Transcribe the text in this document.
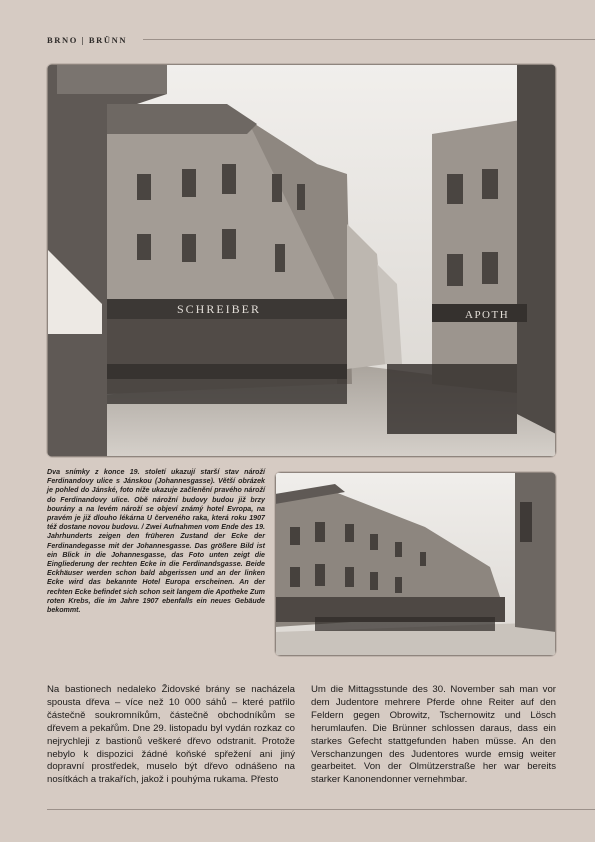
BRNO | BRÜNN
SCHREIBER	APOTH

Dva snímky z konce 19. století ukazují starší stav nároží Ferdinandovy ulice s Jánskou (Johannesgasse). Větší obrázek je pohled do Jánské, foto níže ukazuje začlenění pravého nároží do Ferdinandovy ulice. Obě nárožní budovy budou již brzy bourány a na levém nároží se objeví známý hotel Evropa, na pravém je již dlouho lékárna U červeného raka, která roku 1907 též dostane novou budovu. / Zwei Aufnahmen vom Ende des 19. Jahrhunderts zeigen den früheren Zustand der Ecke der Ferdinandegasse mit der Johannesgasse. Das größere Bild ist ein Blick in die Johannesgasse, das Foto unten zeigt die Eingliederung der rechten Ecke in die Ferdinandsgasse. Beide Eckhäuser werden schon bald abgerissen und an der linken Ecke wird das bekannte Hotel Europa erscheinen. An der rechten Ecke befindet sich schon seit langem die Apotheke Zum roten Krebs, die im Jahre 1907 ebenfalls ein neues Gebäude bekommt.

Na bastionech nedaleko Židovské brány se nacházela spousta dřeva – více než 10 000 sáhů – které patřilo částečně soukromníkům, částečně obchodníkům se dřevem a pekařům. Dne 29. listopadu byl vydán rozkaz co nejrychleji z bastionů veškeré dřevo odstranit. Protože nebylo k dispozici žádné koňské spřežení ani jiný dopravní prostředek, muselo být dřevo odnášeno na nosítkách a trakařích, jakož i pouhýma rukama. Přesto

Um die Mittagsstunde des 30. November sah man vor dem Judentore mehrere Pferde ohne Reiter auf den Feldern gegen Obrowitz, Tschernowitz und Lösch herumlaufen. Die Brünner schlossen daraus, dass ein starkes Gefecht stattgefunden haben müsse. An den Verschanzungen des Judentores wurde emsig weiter gearbeitet. Von der Olmützerstraße her war bereits starker Kanonendonner vernehmbar.
